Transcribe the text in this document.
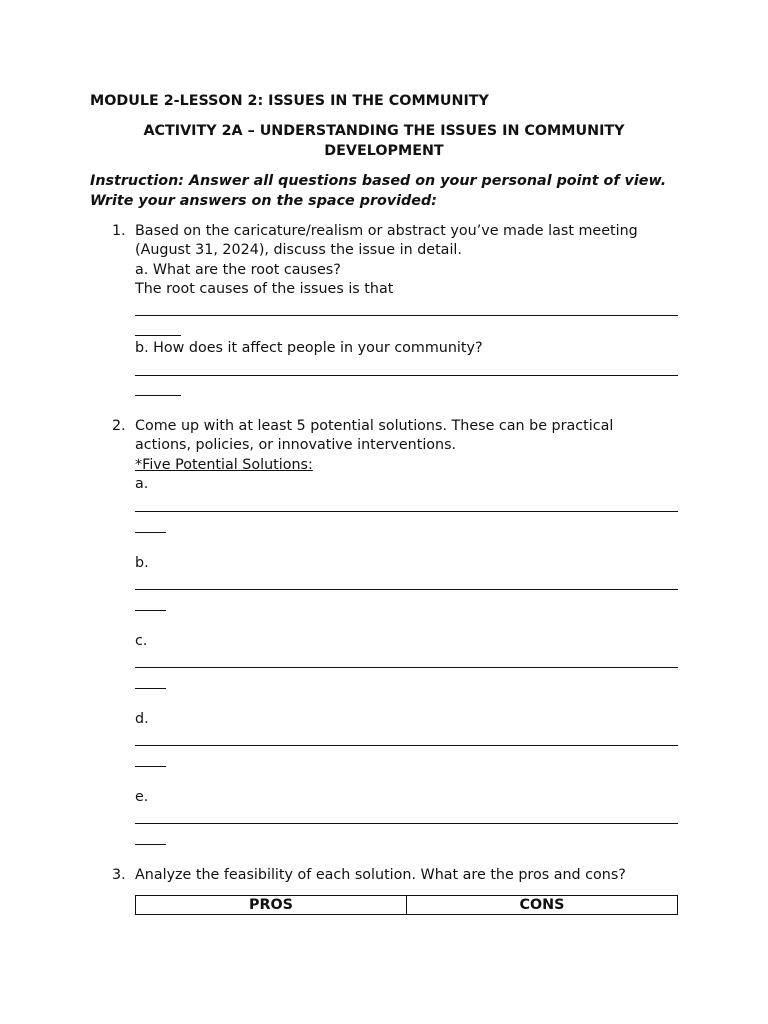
MODULE 2-LESSON 2: ISSUES IN THE COMMUNITY
ACTIVITY 2A – UNDERSTANDING THE ISSUES IN COMMUNITY
DEVELOPMENT
Instruction: Answer all questions based on your personal point of view. Write your answers on the space provided:
1. Based on the caricature/realism or abstract you’ve made last meeting
(August 31, 2024), discuss the issue in detail.
a. What are the root causes?
The root causes of the issues is that
b. How does it affect people in your community?
2. Come up with at least 5 potential solutions. These can be practical
actions, policies, or innovative interventions.
*Five Potential Solutions:
a.
b.
c.
d.
e.
3. Analyze the feasibility of each solution. What are the pros and cons?
PROS	CONS
